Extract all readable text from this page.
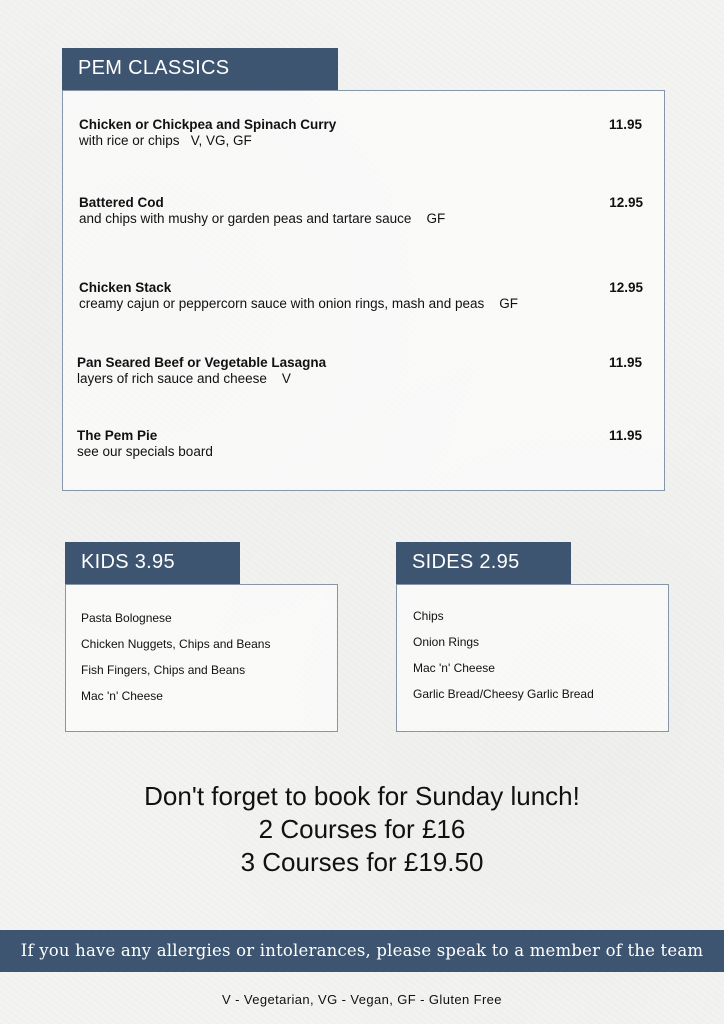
PEM CLASSICS
Chicken or Chickpea and Spinach Curry
with rice or chips   V, VG, GF
11.95
Battered Cod
and chips with mushy or garden peas and tartare sauce    GF
12.95
Chicken Stack
creamy cajun or peppercorn sauce with onion rings, mash and peas    GF
12.95
Pan Seared Beef or Vegetable Lasagna
layers of rich sauce and cheese    V
11.95
The Pem Pie
see our specials board
11.95
KIDS 3.95
Pasta Bolognese
Chicken Nuggets, Chips and Beans
Fish Fingers, Chips and Beans
Mac 'n' Cheese
SIDES 2.95
Chips
Onion Rings
Mac 'n' Cheese
Garlic Bread/Cheesy Garlic Bread
Don't forget to book for Sunday lunch!
2 Courses for £16
3 Courses for £19.50
If you have any allergies or intolerances, please speak to a member of the team
V - Vegetarian, VG - Vegan, GF - Gluten Free
